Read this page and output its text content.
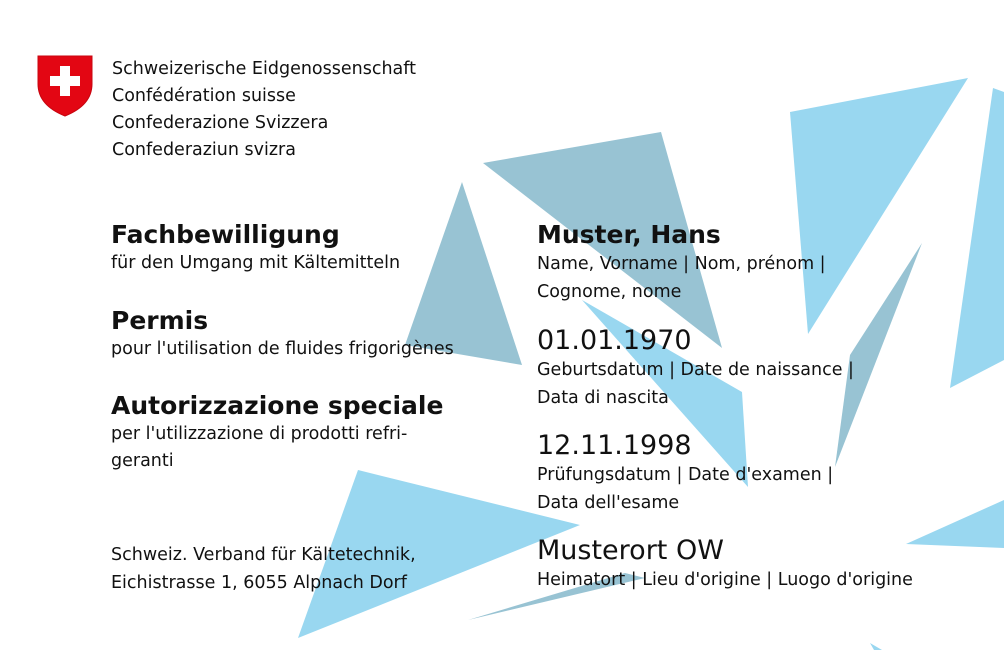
Schweizerische Eidgenossenschaft
Confédération suisse
Confederazione Svizzera
Confederaziun svizra
Fachbewilligung
für den Umgang mit Kältemitteln
Permis
pour l'utilisation de fluides frigorigènes
Autorizzazione speciale
per l'utilizzazione di prodotti refri-
geranti
Schweiz. Verband für Kältetechnik,
Eichistrasse 1, 6055 Alpnach Dorf
Muster, Hans
Name, Vorname | Nom, prénom |
Cognome, nome
01.01.1970
Geburtsdatum | Date de naissance |
Data di nascita
12.11.1998
Prüfungsdatum | Date d'examen |
Data dell'esame
Musterort OW
Heimatort | Lieu d'origine | Luogo d'origine
